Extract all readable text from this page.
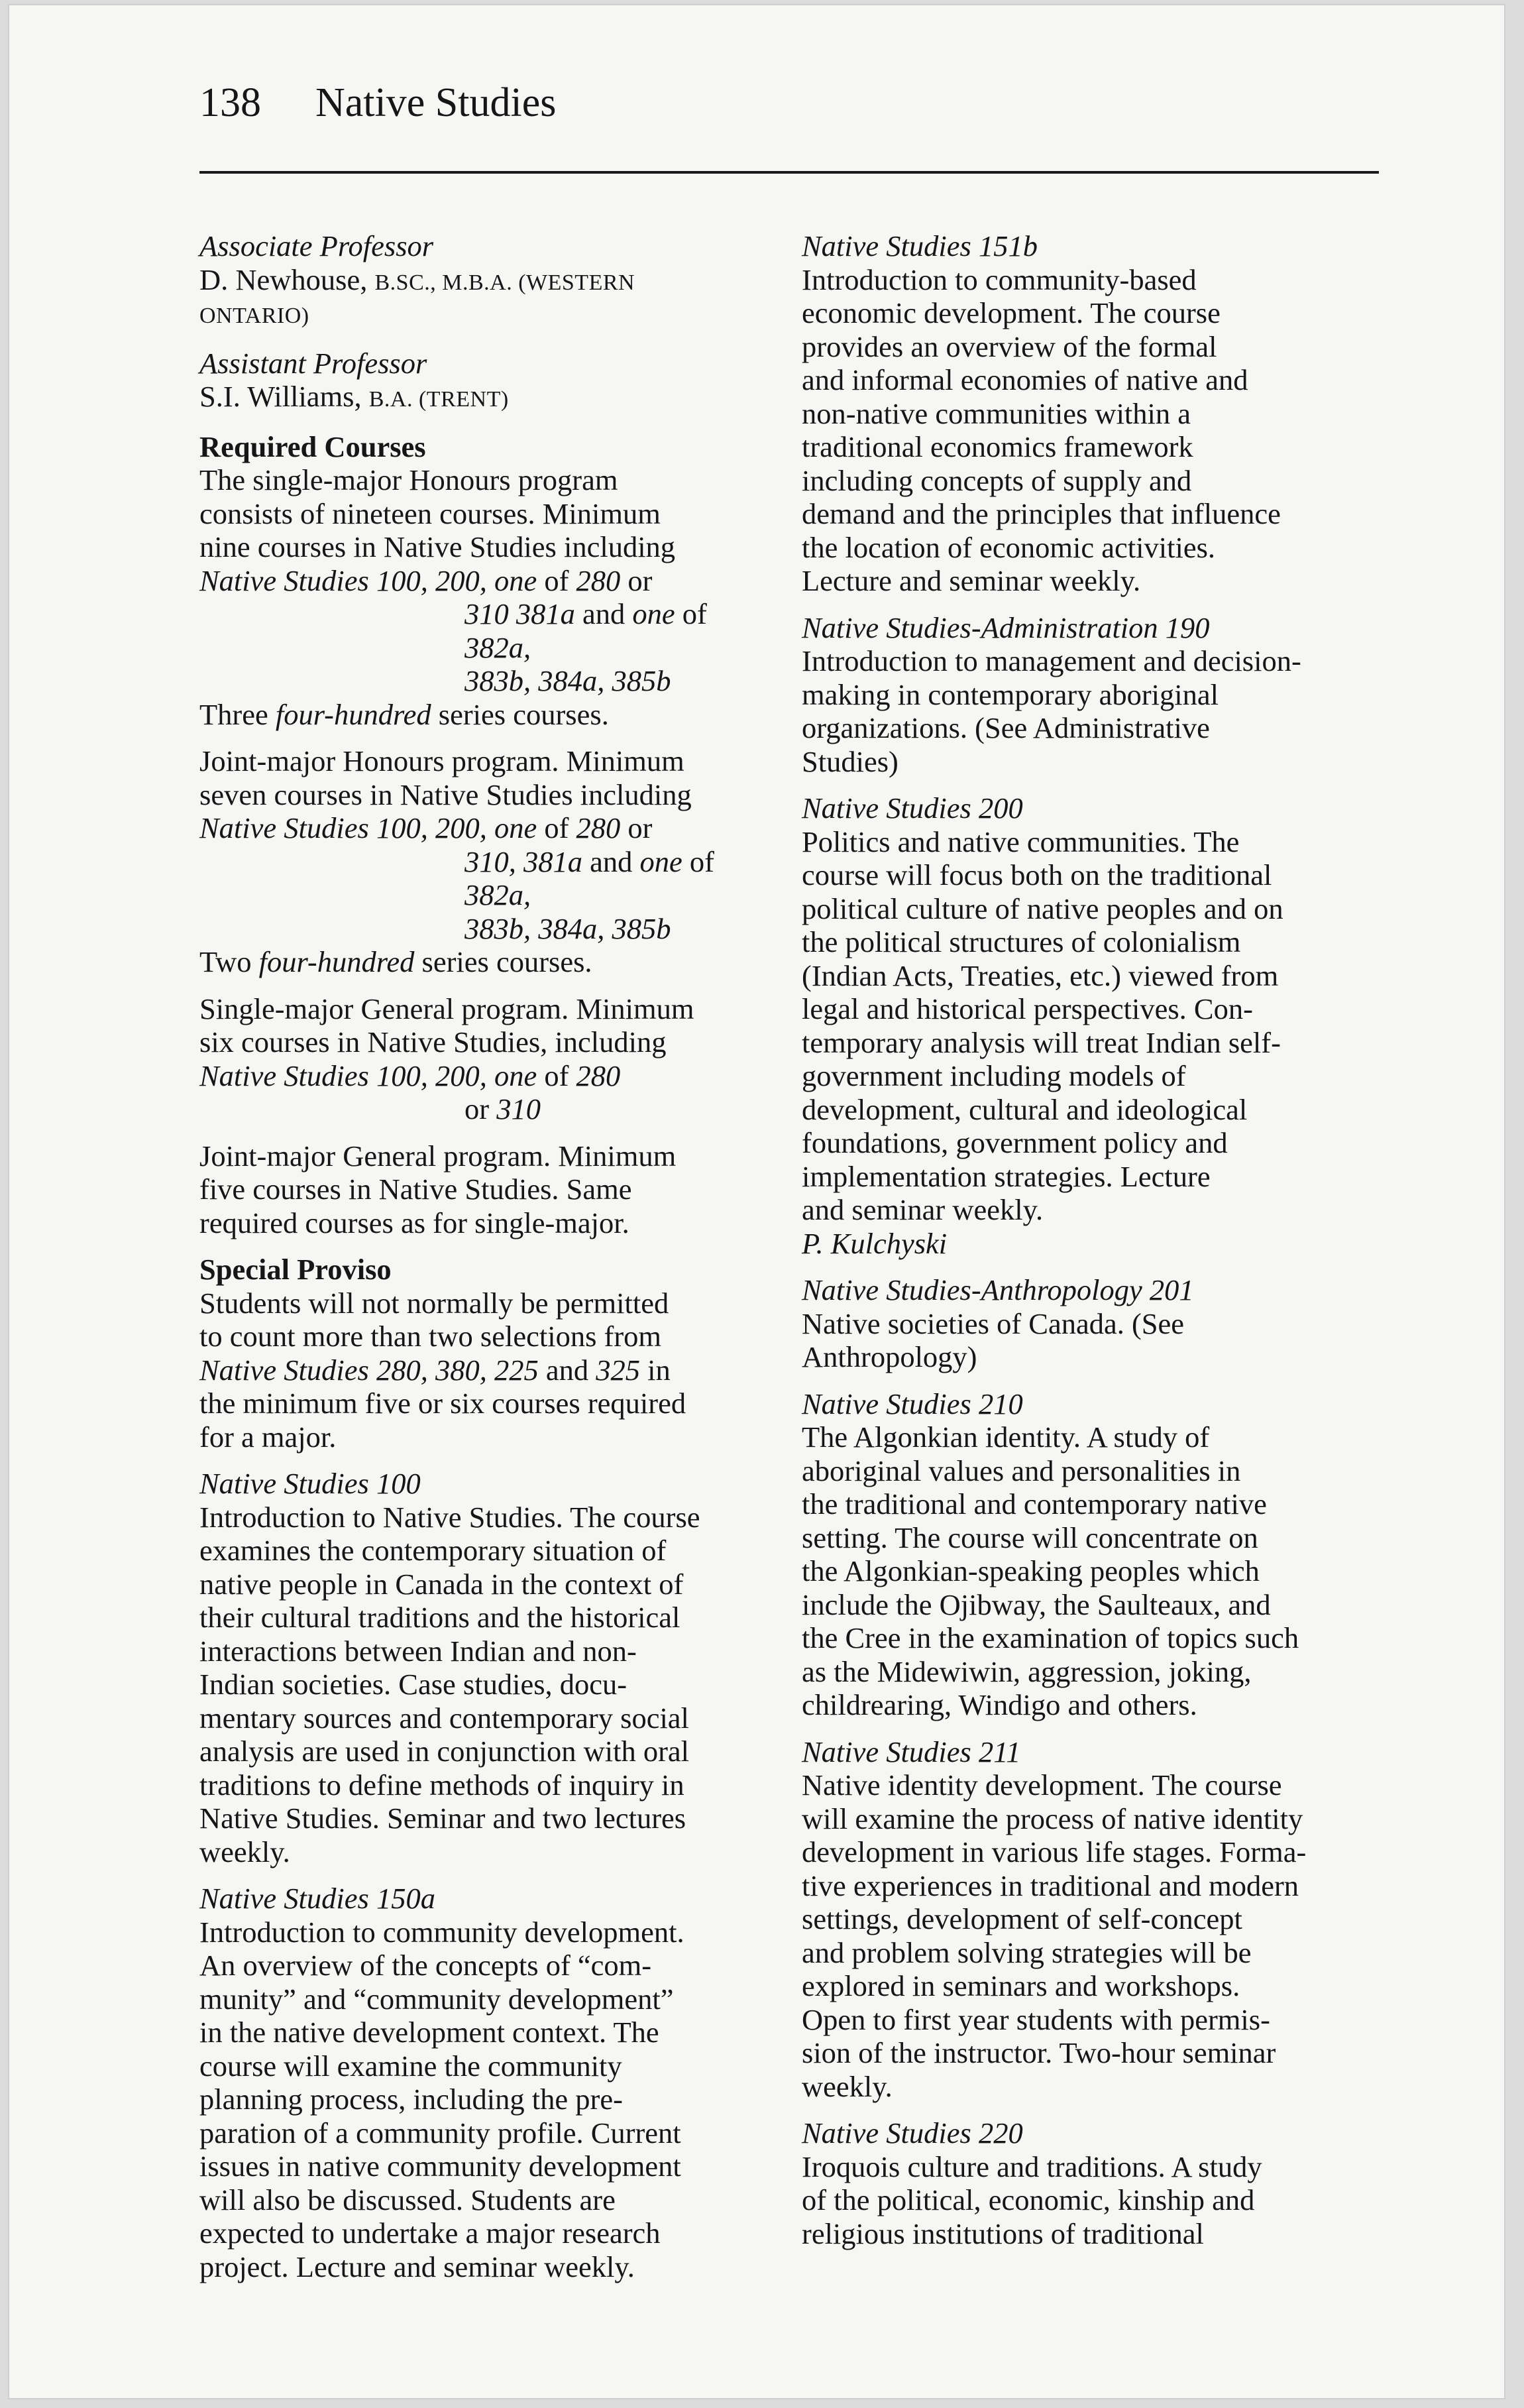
138 Native Studies

Associate Professor

D. Newhouse, B.SC., M.B.A. (WESTERN

ONTARIO)

Assistant Professor

S.I. Williams, B.A. (TRENT)

Required Courses

The single-major Honours program

consists of nineteen courses. Minimum

nine courses in Native Studies including

Native Studies 100, 200, one of 280 or

310 381a and one of 382a,

383b, 384a, 385b

Three four-hundred series courses.

Joint-major Honours program. Minimum

seven courses in Native Studies including

Native Studies 100, 200, one of 280 or

310, 381a and one of 382a,

383b, 384a, 385b

Two four-hundred series courses.

Single-major General program. Minimum

six courses in Native Studies, including

Native Studies 100, 200, one of 280

or 310

Joint-major General program. Minimum

five courses in Native Studies. Same

required courses as for single-major.

Special Proviso

Students will not normally be permitted

to count more than two selections from

Native Studies 280, 380, 225 and 325 in

the minimum five or six courses required

for a major.

Native Studies 100

Introduction to Native Studies. The course

examines the contemporary situation of

native people in Canada in the context of

their cultural traditions and the historical

interactions between Indian and non-

Indian societies. Case studies, docu-

mentary sources and contemporary social

analysis are used in conjunction with oral

traditions to define methods of inquiry in

Native Studies. Seminar and two lectures

weekly.

Native Studies 150a

Introduction to community development.

An overview of the concepts of “com-

munity” and “community development”

in the native development context. The

course will examine the community

planning process, including the pre-

paration of a community profile. Current

issues in native community development

will also be discussed. Students are

expected to undertake a major research

project. Lecture and seminar weekly.

Native Studies 151b

Introduction to community-based

economic development. The course

provides an overview of the formal

and informal economies of native and

non-native communities within a

traditional economics framework

including concepts of supply and

demand and the principles that influence

the location of economic activities.

Lecture and seminar weekly.

Native Studies-Administration 190

Introduction to management and decision-

making in contemporary aboriginal

organizations. (See Administrative

Studies)

Native Studies 200

Politics and native communities. The

course will focus both on the traditional

political culture of native peoples and on

the political structures of colonialism

(Indian Acts, Treaties, etc.) viewed from

legal and historical perspectives. Con-

temporary analysis will treat Indian self-

government including models of

development, cultural and ideological

foundations, government policy and

implementation strategies. Lecture

and seminar weekly.

P. Kulchyski

Native Studies-Anthropology 201

Native societies of Canada. (See

Anthropology)

Native Studies 210

The Algonkian identity. A study of

aboriginal values and personalities in

the traditional and contemporary native

setting. The course will concentrate on

the Algonkian-speaking peoples which

include the Ojibway, the Saulteaux, and

the Cree in the examination of topics such

as the Midewiwin, aggression, joking,

childrearing, Windigo and others.

Native Studies 211

Native identity development. The course

will examine the process of native identity

development in various life stages. Forma-

tive experiences in traditional and modern

settings, development of self-concept

and problem solving strategies will be

explored in seminars and workshops.

Open to first year students with permis-

sion of the instructor. Two-hour seminar

weekly.

Native Studies 220

Iroquois culture and traditions. A study

of the political, economic, kinship and

religious institutions of traditional
